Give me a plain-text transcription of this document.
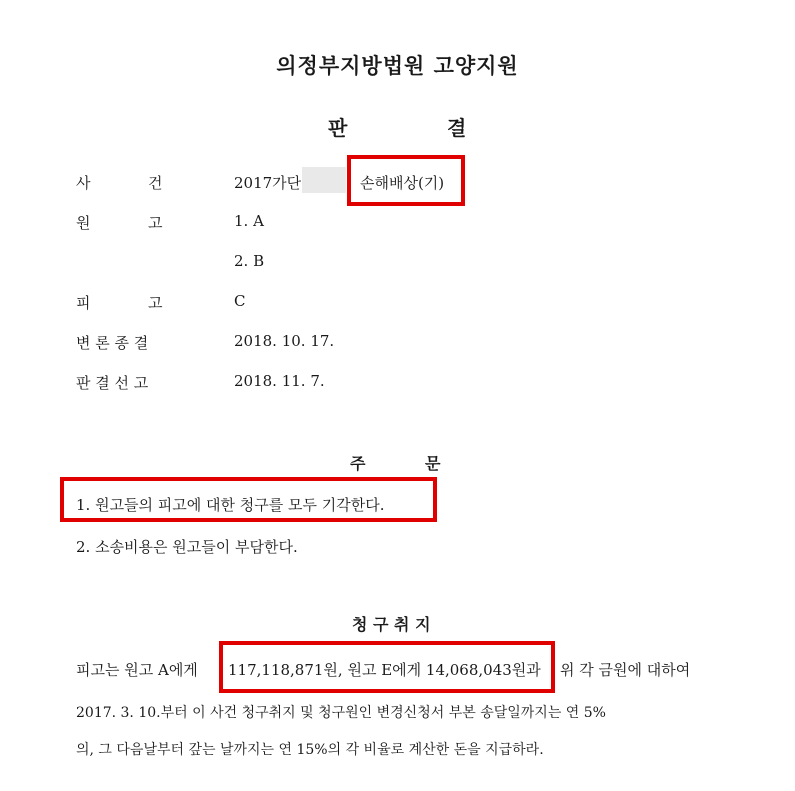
의정부지방법원 고양지원
판	결
사	건	2017가단	손해배상(기)
원	고	1. A
2. B
피	고	C
변 론 종 결	2018. 10. 17.
판 결 선 고	2018. 11. 7.
주	문
1. 원고들의 피고에 대한 청구를 모두 기각한다.
2. 소송비용은 원고들이 부담한다.
청 구 취 지
피고는 원고 A에게 117,118,871원, 원고 E에게 14,068,043원과 위 각 금원에 대하여
2017. 3. 10.부터 이 사건 청구취지 및 청구원인 변경신청서 부본 송달일까지는 연 5%
의, 그 다음날부터 갚는 날까지는 연 15%의 각 비율로 계산한 돈을 지급하라.
